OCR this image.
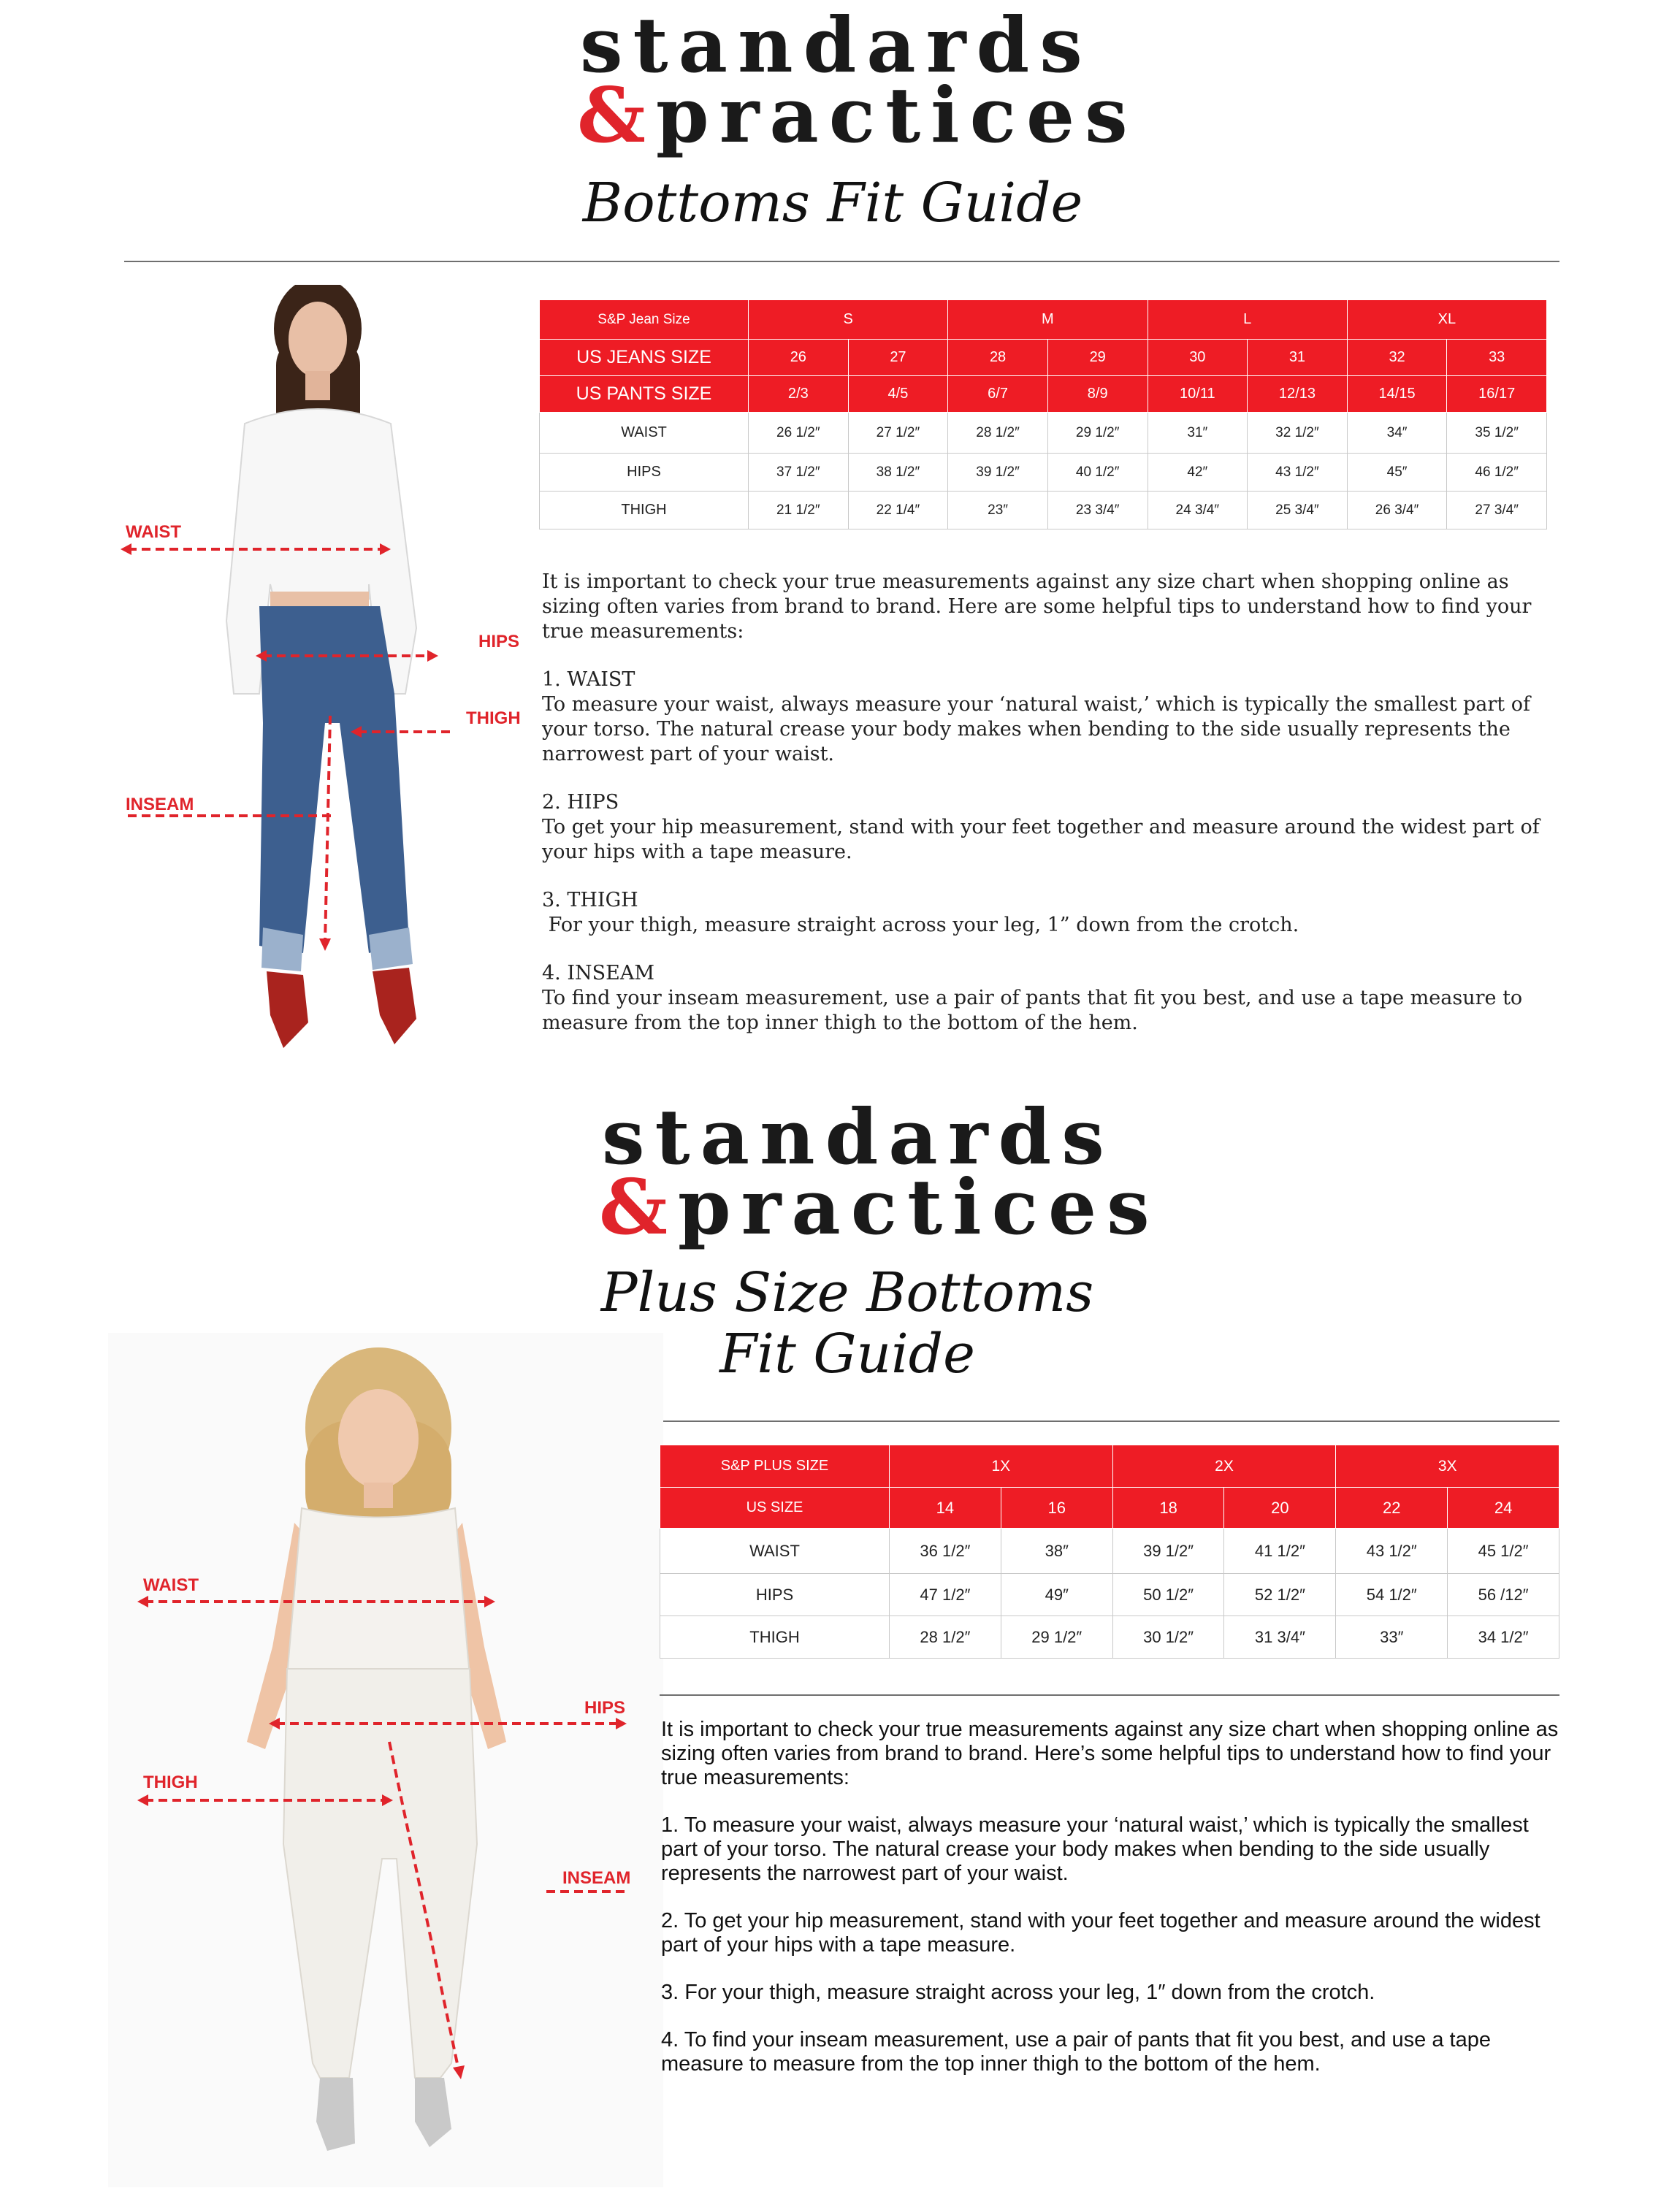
standards
&practices
Bottoms Fit Guide
WAIST
HIPS
THIGH
INSEAM
S&P Jean Size	S		M		L		XL	
US JEANS SIZE	26	27	28	29	30	31	32	33
US PANTS SIZE	2/3	4/5	6/7	8/9	10/11	12/13	14/15	16/17
WAIST	26 1/2″	27 1/2″	28 1/2″	29 1/2″	31″	32 1/2″	34″	35 1/2″
HIPS	37 1/2″	38 1/2″	39 1/2″	40 1/2″	42″	43 1/2″	45″	46 1/2″
THIGH	21 1/2″	22 1/4″	23″	23 3/4″	24 3/4″	25 3/4″	26 3/4″	27 3/4″

It is important to check your true measurements against any size chart when shopping online as sizing often varies from brand to brand. Here are some helpful tips to understand how to find your true measurements:

1. WAIST

To measure your waist, always measure your ‘natural waist,’ which is typically the smallest part of your torso. The natural crease your body makes when bending to the side usually represents the narrowest part of your waist.

2. HIPS

To get your hip measurement, stand with your feet together and measure around the widest part of your hips with a tape measure.

3. THIGH

For your thigh, measure straight across your leg, 1” down from the crotch.

4. INSEAM

To find your inseam measurement, use a pair of pants that fit you best, and use a tape measure to measure from the top inner thigh to the bottom of the hem.

standards
&practices
Plus Size Bottoms
Fit Guide
WAIST
HIPS
THIGH
INSEAM
S&P PLUS SIZE	1X		2X		3X	
US SIZE	14	16	18	20	22	24
WAIST	36 1/2″	38″	39 1/2″	41 1/2″	43 1/2″	45 1/2″
HIPS	47 1/2″	49″	50 1/2″	52 1/2″	54 1/2″	56 /12″
THIGH	28 1/2″	29 1/2″	30 1/2″	31 3/4″	33″	34 1/2″

It is important to check your true measurements against any size chart when shopping online as sizing often varies from brand to brand. Here’s some helpful tips to understand how to find your true measurements:

1. To measure your waist, always measure your ‘natural waist,’ which is typically the smallest part of your torso. The natural crease your body makes when bending to the side usually represents the narrowest part of your waist.

2. To get your hip measurement, stand with your feet together and measure around the widest part of your hips with a tape measure.

3. For your thigh, measure straight across your leg, 1″ down from the crotch.

4. To find your inseam measurement, use a pair of pants that fit you best, and use a tape measure to measure from the top inner thigh to the bottom of the hem.
